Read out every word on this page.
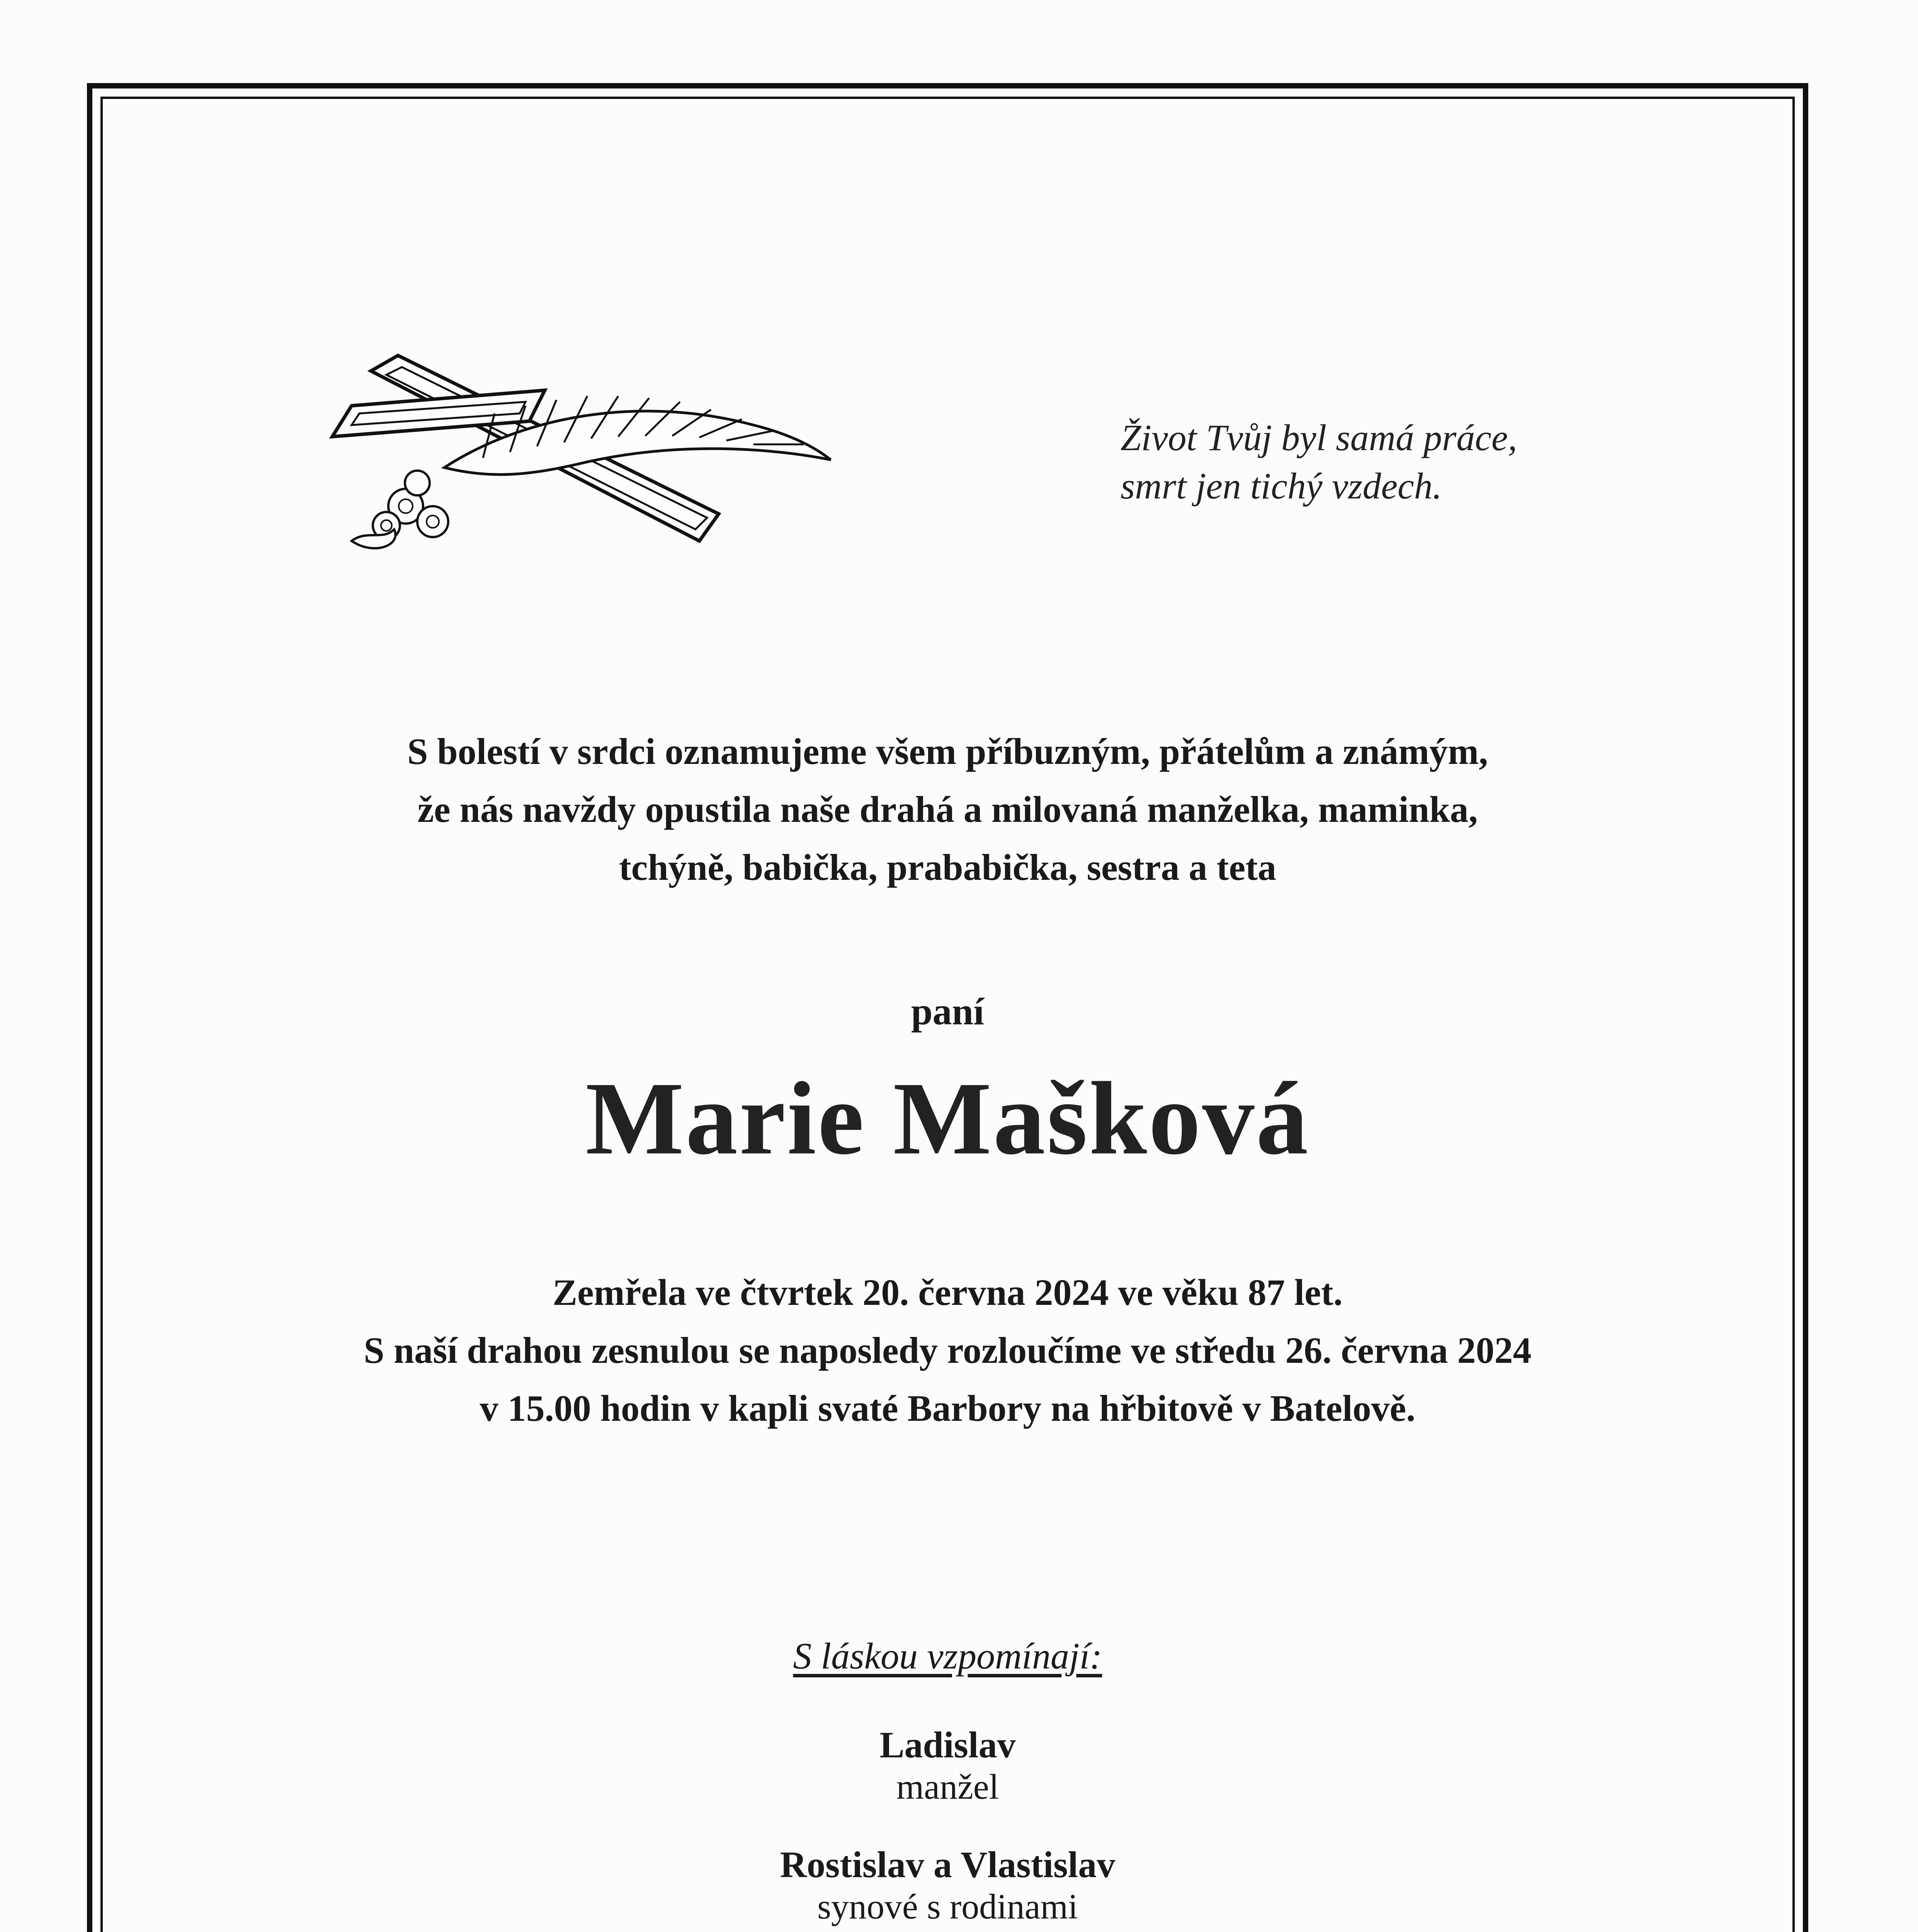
Život Tvůj byl samá práce,
smrt jen tichý vzdech.
S bolestí v srdci oznamujeme všem příbuzným, přátelům a známým,
že nás navždy opustila naše drahá a milovaná manželka, maminka,
tchýně, babička, prababička, sestra a teta
paní
Marie Mašková
Zemřela ve čtvrtek 20. června 2024 ve věku 87 let.
S naší drahou zesnulou se naposledy rozloučíme ve středu 26. června 2024
v 15.00 hodin v kapli svaté Barbory na hřbitově v Batelově.
S láskou vzpomínají:
Ladislav
manžel
Rostislav a Vlastislav
synové s rodinami
